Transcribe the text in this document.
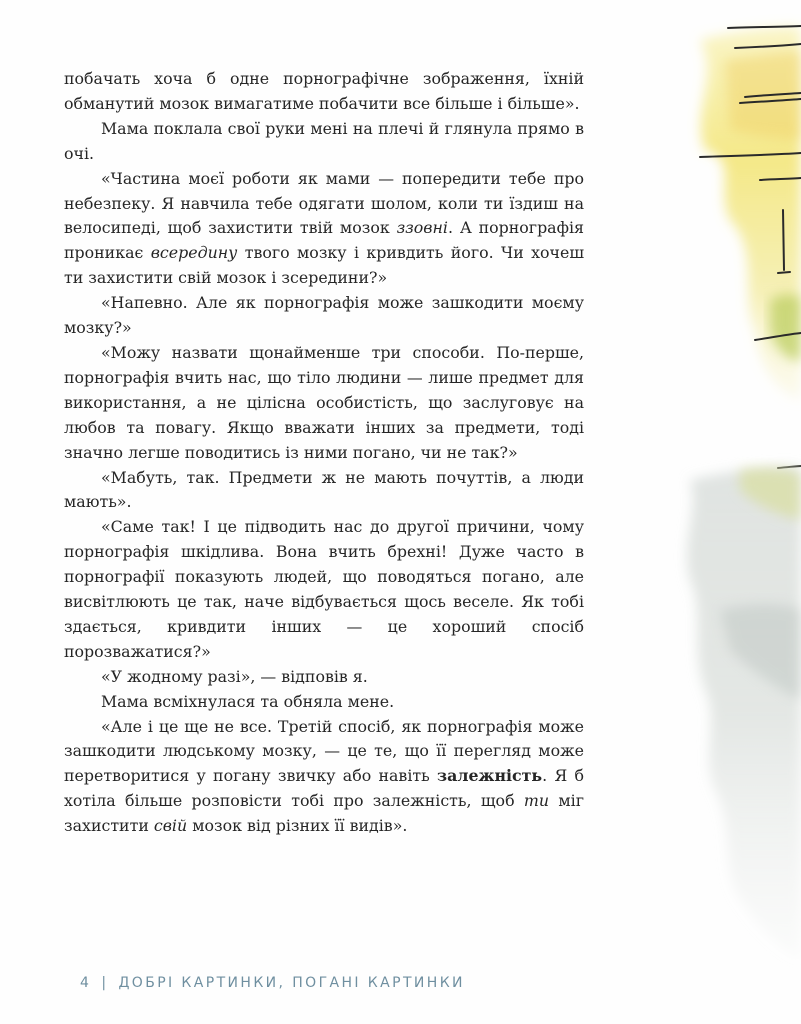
побачать хоча б одне порнографічне зображення, їхній обманутий мозок вимагатиме побачити все більше і більше».

Мама поклала свої руки мені на плечі й глянула прямо в очі.

«Частина моєї роботи як мами — попередити тебе про небезпеку. Я навчила тебе одягати шолом, коли ти їздиш на велосипеді, щоб захистити твій мозок ззовні. А порнографія проникає всередину твого мозку і кривдить його. Чи хочеш ти захистити свій мозок і зсередини?»

«Напевно. Але як порнографія може зашкодити моєму мозку?»

«Можу назвати щонайменше три способи. По-перше, порнографія вчить нас, що тіло людини — лише предмет для використання, а не цілісна особистість, що заслуговує на любов та повагу. Якщо вважати інших за предмети, тоді значно легше поводитись із ними погано, чи не так?»

«Мабуть, так. Предмети ж не мають почуттів, а люди мають».

«Саме так! І це підводить нас до другої причини, чому порнографія шкідлива. Вона вчить брехні! Дуже часто в порнографії показують людей, що поводяться погано, але висвітлюють це так, наче відбувається щось веселе. Як тобі здається, кривдити інших — це хороший спосіб порозважатися?»

«У жодному разі», — відповів я.

Мама всміхнулася та обняла мене.

«Але і це ще не все. Третій спосіб, як порнографія може зашкодити людському мозку, — це те, що її перегляд може перетворитися у погану звичку або навіть залежність. Я б хотіла більше розповісти тобі про залежність, щоб ти міг захистити свій мозок від різних її видів».

4 | ДОБРІ КАРТИНКИ, ПОГАНІ КАРТИНКИ
